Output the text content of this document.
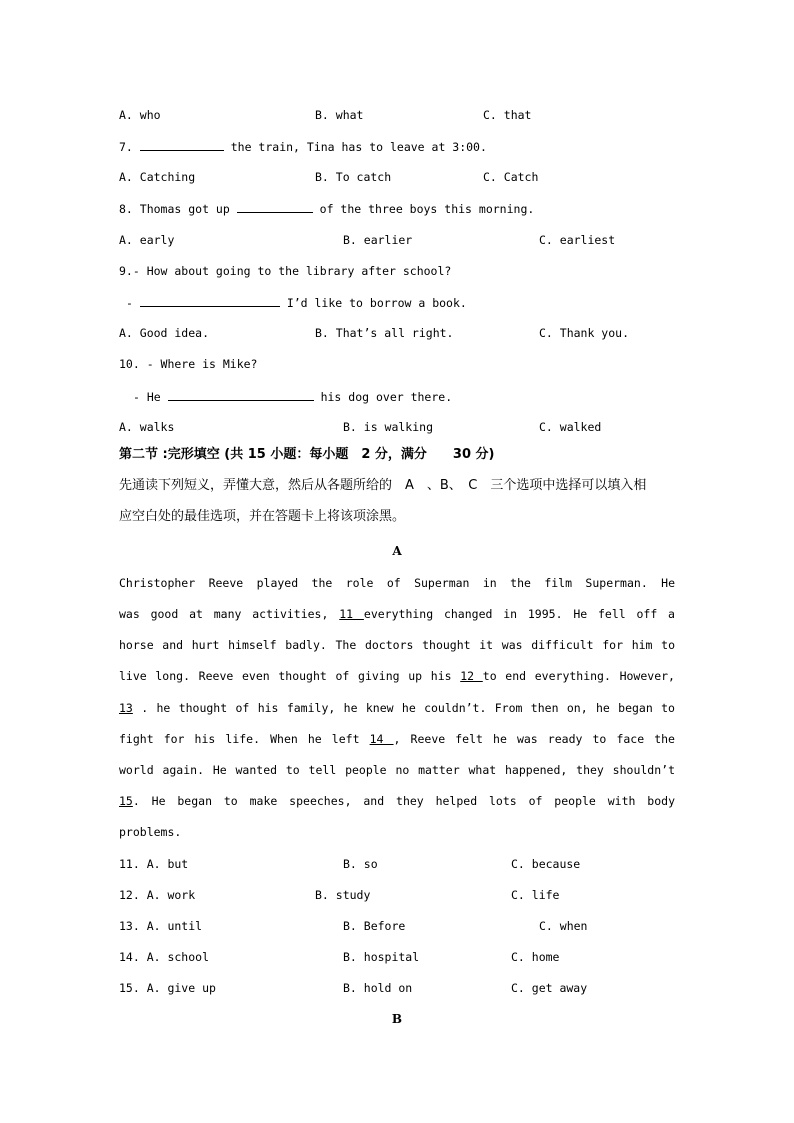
A. who	B. what	C. that
7.	the train, Tina has to leave at 3:00.
A. Catching	B. To catch	C. Catch
8. Thomas got up	of the three boys this morning.
A. early	B. earlier	C. earliest
9.- How about going to the library after school?
-	I’d like to borrow a book.
A. Good idea.	B. That’s all right.	C. Thank you.
10. - Where is Mike?
- He	his dog over there.
A. walks	B. is walking	C. walked
第二节 :完形填空 (共 15 小题：每小题　2 分，满分　　30 分)
先通读下列短义，弄懂大意，然后从各题所给的　A　、B、　C　三个选项中选择可以填入相
应空白处的最佳选项，并在答题卡上将该项涂黑。
A
Christopher Reeve played the role of Superman in the film Superman. He
was good at many activities, 11 everything changed in 1995. He fell off a
horse and hurt himself badly. The doctors thought it was difficult for him to
live long. Reeve even thought of giving up his 12 to end everything. However,
13 . he thought of his family, he knew he couldn’t. From then on, he began to
fight for his life. When he left 14 , Reeve felt he was ready to face the
world again. He wanted to tell people no matter what happened, they shouldn’t
15. He began to make speeches, and they helped lots of people with body
problems.
11. A. but	B. so	C. because
12. A. work	B. study	C. life
13. A. until	B. Before	C. when
14. A. school	B. hospital	C. home
15. A. give up	B. hold on	C. get away
B
